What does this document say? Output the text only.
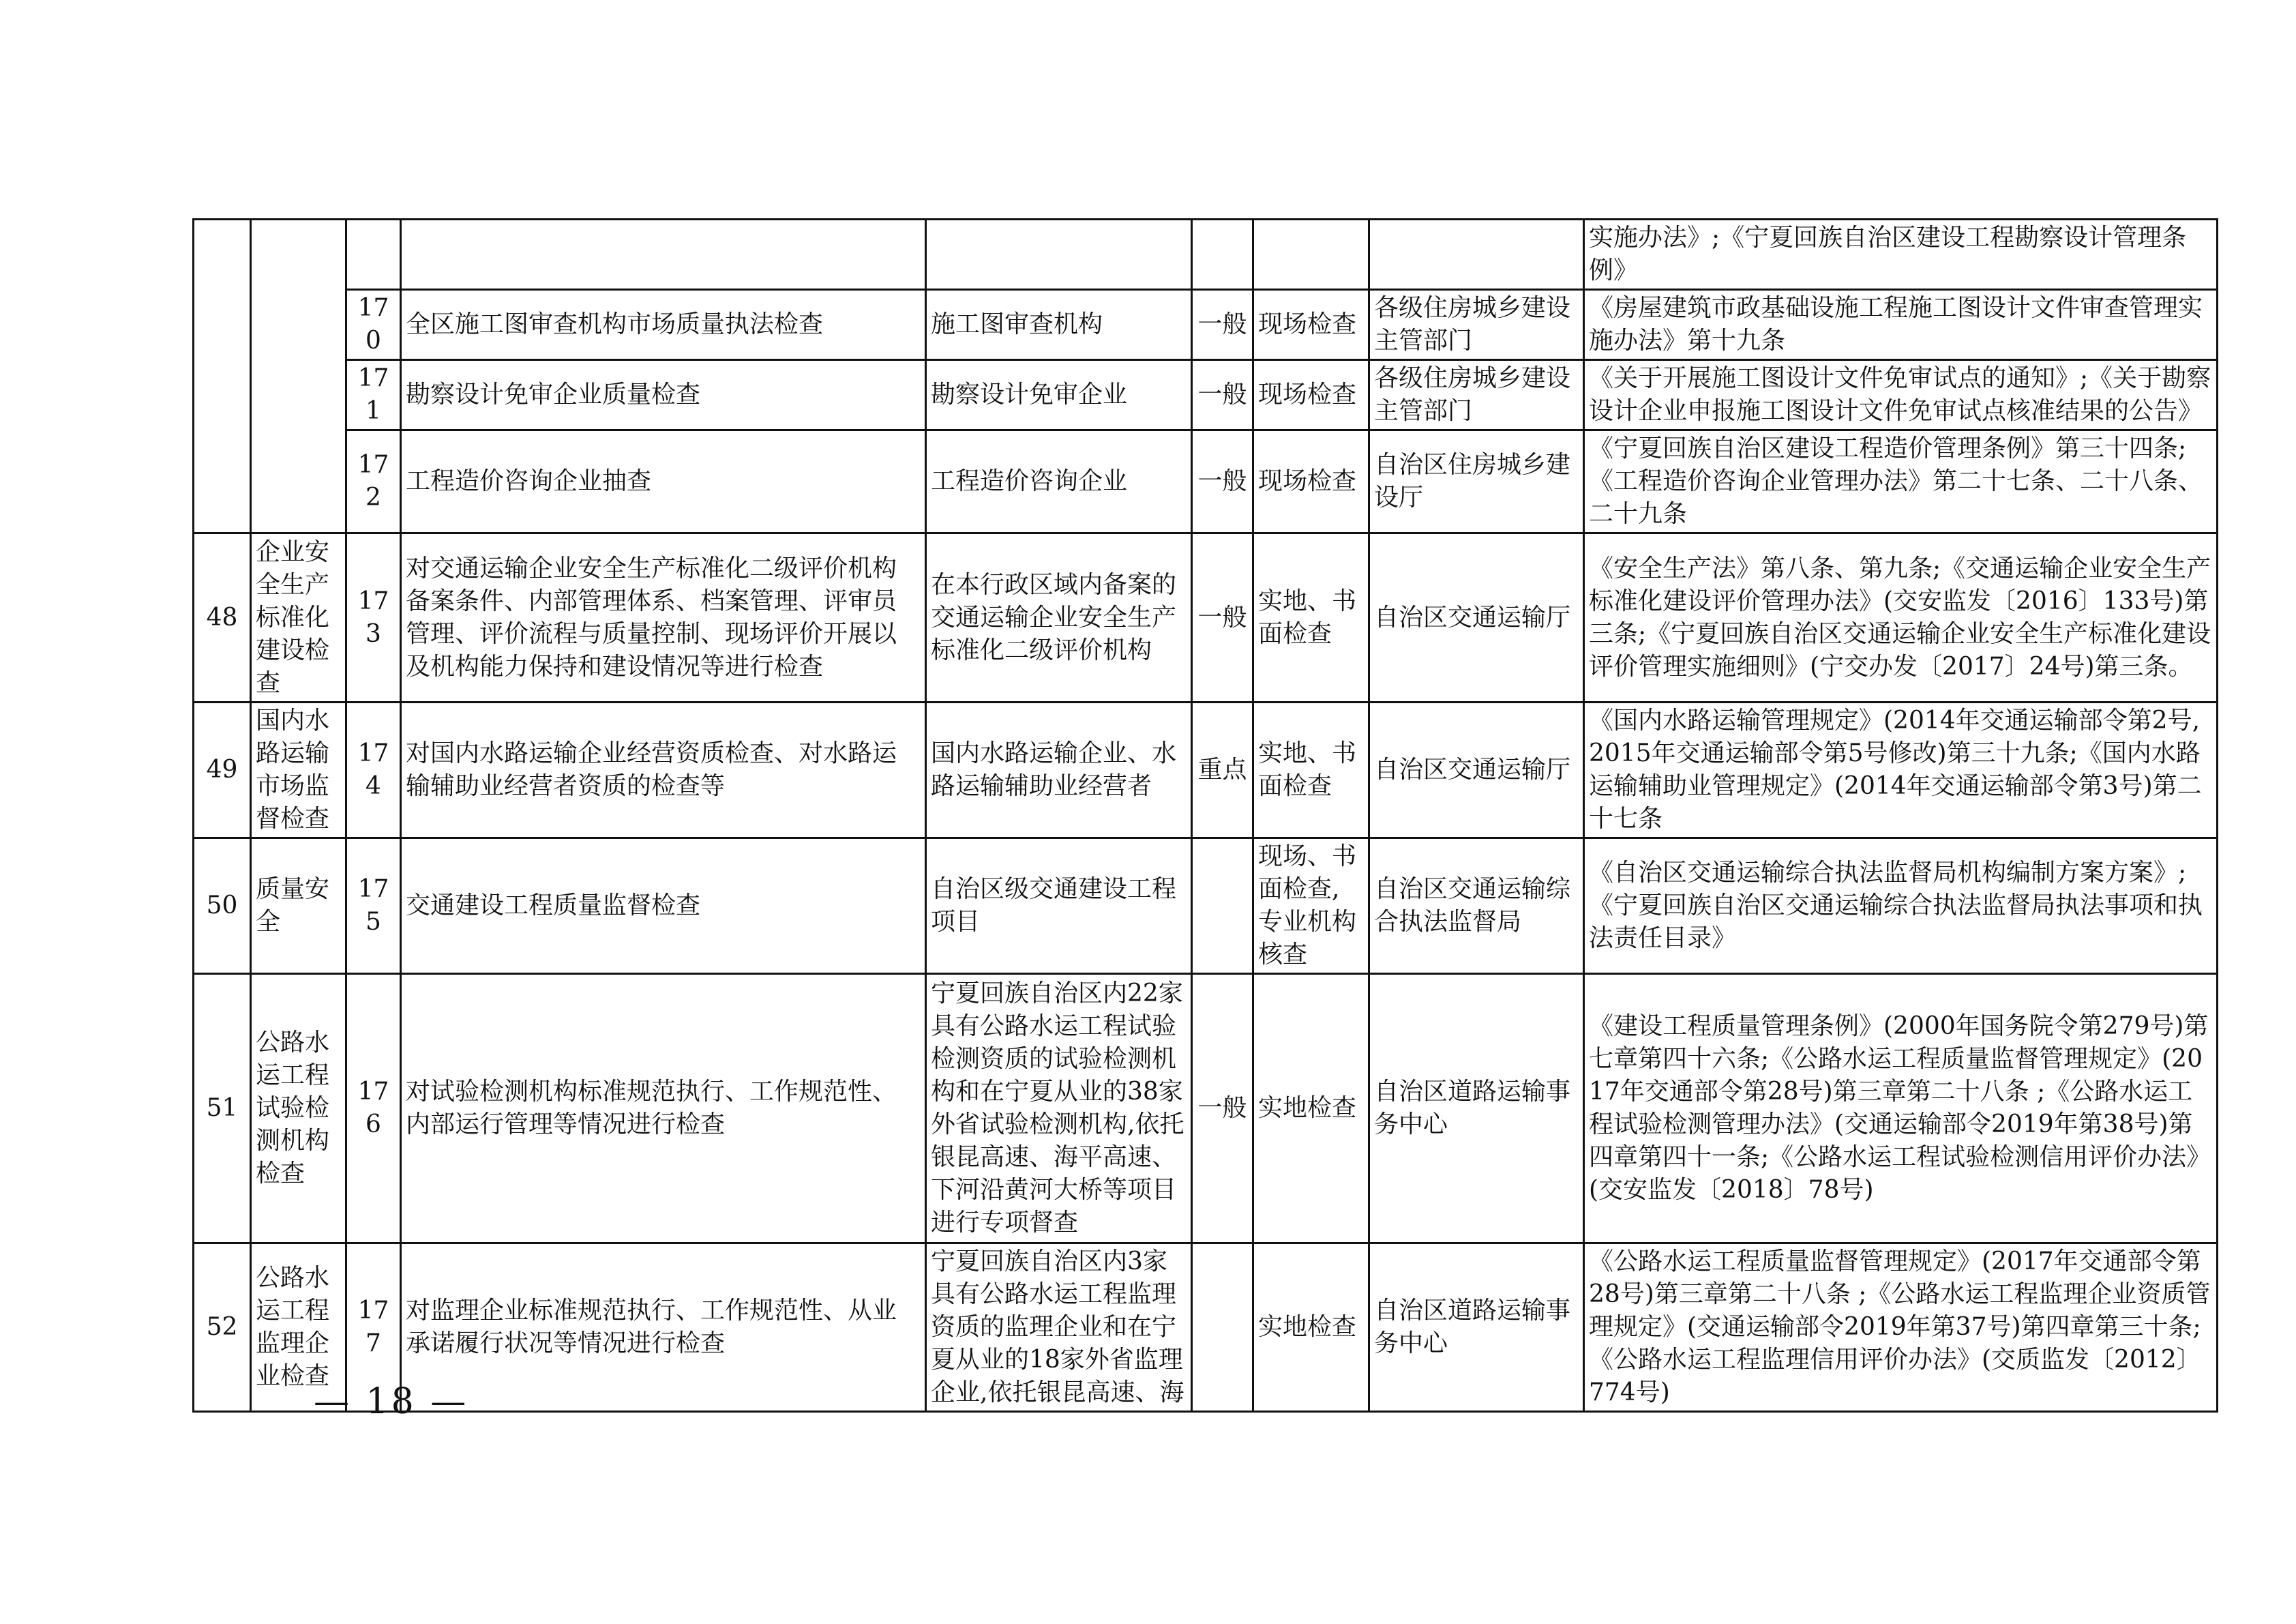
								实施办法》;《宁夏回族自治区建设工程勘察设计管理条例》
		170	全区施工图审查机构市场质量执法检查	施工图审查机构	一般	现场检查	各级住房城乡建设主管部门	《房屋建筑市政基础设施工程施工图设计文件审查管理实施办法》第十九条
		171	勘察设计免审企业质量检查	勘察设计免审企业	一般	现场检查	各级住房城乡建设主管部门	《关于开展施工图设计文件免审试点的通知》;《关于勘察设计企业申报施工图设计文件免审试点核准结果的公告》
		172	工程造价咨询企业抽查	工程造价咨询企业	一般	现场检查	自治区住房城乡建设厅	《宁夏回族自治区建设工程造价管理条例》第三十四条;《工程造价咨询企业管理办法》第二十七条、二十八条、二十九条
48	企业安全生产标准化建设检查	173	对交通运输企业安全生产标准化二级评价机构备案条件、内部管理体系、档案管理、评审员管理、评价流程与质量控制、现场评价开展以及机构能力保持和建设情况等进行检查	在本行政区域内备案的交通运输企业安全生产标准化二级评价机构	一般	实地、书面检查	自治区交通运输厅	《安全生产法》第八条、第九条;《交通运输企业安全生产标准化建设评价管理办法》(交安监发〔2016〕133号)第三条;《宁夏回族自治区交通运输企业安全生产标准化建设评价管理实施细则》(宁交办发〔2017〕24号)第三条。
49	国内水路运输市场监督检查	174	对国内水路运输企业经营资质检查、对水路运输辅助业经营者资质的检查等	国内水路运输企业、水路运输辅助业经营者	重点	实地、书面检查	自治区交通运输厅	《国内水路运输管理规定》(2014年交通运输部令第2号,2015年交通运输部令第5号修改)第三十九条;《国内水路运输辅助业管理规定》(2014年交通运输部令第3号)第二十七条
50	质量安全	175	交通建设工程质量监督检查	自治区级交通建设工程项目		现场、书面检查,专业机构核查	自治区交通运输综合执法监督局	《自治区交通运输综合执法监督局机构编制方案方案》;《宁夏回族自治区交通运输综合执法监督局执法事项和执法责任目录》
51	公路水运工程试验检测机构检查	176	对试验检测机构标准规范执行、工作规范性、内部运行管理等情况进行检查	宁夏回族自治区内22家具有公路水运工程试验检测资质的试验检测机构和在宁夏从业的38家外省试验检测机构,依托银昆高速、海平高速、下河沿黄河大桥等项目进行专项督查	一般	实地检查	自治区道路运输事务中心	《建设工程质量管理条例》(2000年国务院令第279号)第七章第四十六条;《公路水运工程质量监督管理规定》(2017年交通部令第28号)第三章第二十八条 ;《公路水运工程试验检测管理办法》(交通运输部令2019年第38号)第四章第四十一条;《公路水运工程试验检测信用评价办法》(交安监发〔2018〕78号)
52	公路水运工程监理企业检查	177	对监理企业标准规范执行、工作规范性、从业承诺履行状况等情况进行检查	宁夏回族自治区内3家具有公路水运工程监理资质的监理企业和在宁夏从业的18家外省监理企业,依托银昆高速、海		实地检查	自治区道路运输事务中心	《公路水运工程质量监督管理规定》(2017年交通部令第28号)第三章第二十八条 ;《公路水运工程监理企业资质管理规定》(交通运输部令2019年第37号)第四章第三十条;《公路水运工程监理信用评价办法》(交质监发〔2012〕774号)
— 18 —
